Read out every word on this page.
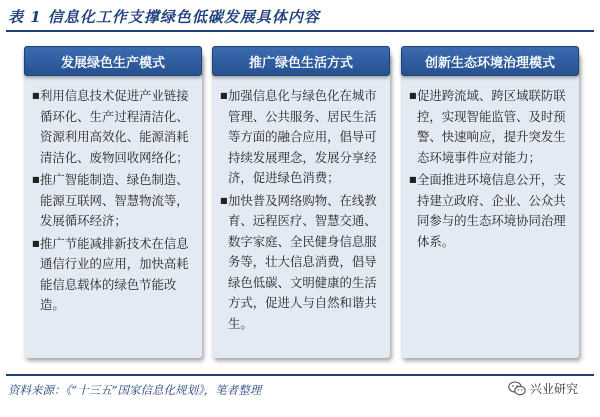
表 1 信息化工作支撑绿色低碳发展具体内容
发展绿色生产模式
■ 利用信息技术促进产业链接循环化、生产过程清洁化、资源利用高效化、能源消耗清洁化、废物回收网络化；
■ 推广智能制造、绿色制造、能源互联网、智慧物流等，发展循环经济；
■ 推广节能减排新技术在信息通信行业的应用，加快高耗能信息载体的绿色节能改造。
推广绿色生活方式
■ 加强信息化与绿色化在城市管理、公共服务、居民生活等方面的融合应用，倡导可持续发展理念，发展分享经济，促进绿色消费；
■ 加快普及网络购物、在线教育、远程医疗、智慧交通、数字家庭、全民健身信息服务等，壮大信息消费，倡导绿色低碳、文明健康的生活方式，促进人与自然和谐共生。
创新生态环境治理模式
■ 促进跨流域、跨区域联防联控，实现智能监管、及时预警、快速响应，提升突发生态环境事件应对能力；
■ 全面推进环境信息公开，支持建立政府、企业、公众共同参与的生态环境协同治理体系。
资料来源：《“十三五”国家信息化规划》，笔者整理	兴业研究
